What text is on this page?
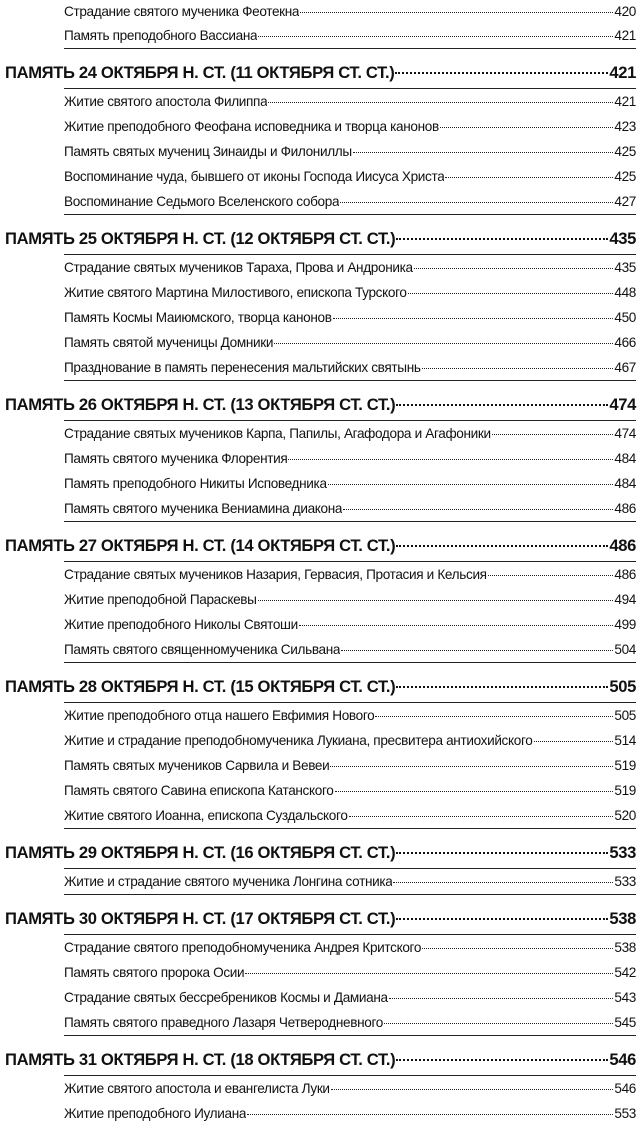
Страдание святого мученика Феотекна	420
Память преподобного Вассиана	421
ПАМЯТЬ 24 ОКТЯБРЯ Н. СТ. (11 ОКТЯБРЯ СТ. СТ.)	421
Житие святого апостола Филиппа	421
Житие преподобного Феофана исповедника и творца канонов	423
Память святых мучениц Зинаиды и Филониллы	425
Воспоминание чуда, бывшего от иконы Господа Иисуса Христа	425
Воспоминание Седьмого Вселенского собора	427
ПАМЯТЬ 25 ОКТЯБРЯ Н. СТ. (12 ОКТЯБРЯ СТ. СТ.)	435
Страдание святых мучеников Тараха, Прова и Андроника	435
Житие святого Мартина Милостивого, епископа Турского	448
Память Космы Маиюмского, творца канонов	450
Память святой мученицы Домники	466
Празднование в память перенесения мальтийских святынь	467
ПАМЯТЬ 26 ОКТЯБРЯ Н. СТ. (13 ОКТЯБРЯ СТ. СТ.)	474
Страдание святых мучеников Карпа, Папилы, Агафодора и Агафоники	474
Память святого мученика Флорентия	484
Память преподобного Никиты Исповедника	484
Память святого мученика Вениамина диакона	486
ПАМЯТЬ 27 ОКТЯБРЯ Н. СТ. (14 ОКТЯБРЯ СТ. СТ.)	486
Страдание святых мучеников Назария, Гервасия, Протасия и Кельсия	486
Житие преподобной Параскевы	494
Житие преподобного Николы Святоши	499
Память святого священномученика Сильвана	504
ПАМЯТЬ 28 ОКТЯБРЯ Н. СТ. (15 ОКТЯБРЯ СТ. СТ.)	505
Житие преподобного отца нашего Евфимия Нового	505
Житие и страдание преподобномученика Лукиана, пресвитера антиохийского	514
Память святых мучеников Сарвила и Вевеи	519
Память святого Савина епископа Катанского	519
Житие святого Иоанна, епископа Суздальского	520
ПАМЯТЬ 29 ОКТЯБРЯ Н. СТ. (16 ОКТЯБРЯ СТ. СТ.)	533
Житие и страдание святого мученика Лонгина сотника	533
ПАМЯТЬ 30 ОКТЯБРЯ Н. СТ. (17 ОКТЯБРЯ СТ. СТ.)	538
Страдание святого преподобномученика Андрея Критского	538
Память святого пророка Осии	542
Страдание святых бессребреников Космы и Дамиана	543
Память святого праведного Лазаря Четверодневного	545
ПАМЯТЬ 31 ОКТЯБРЯ Н. СТ. (18 ОКТЯБРЯ СТ. СТ.)	546
Житие святого апостола и евангелиста Луки	546
Житие преподобного Иулиана	553
